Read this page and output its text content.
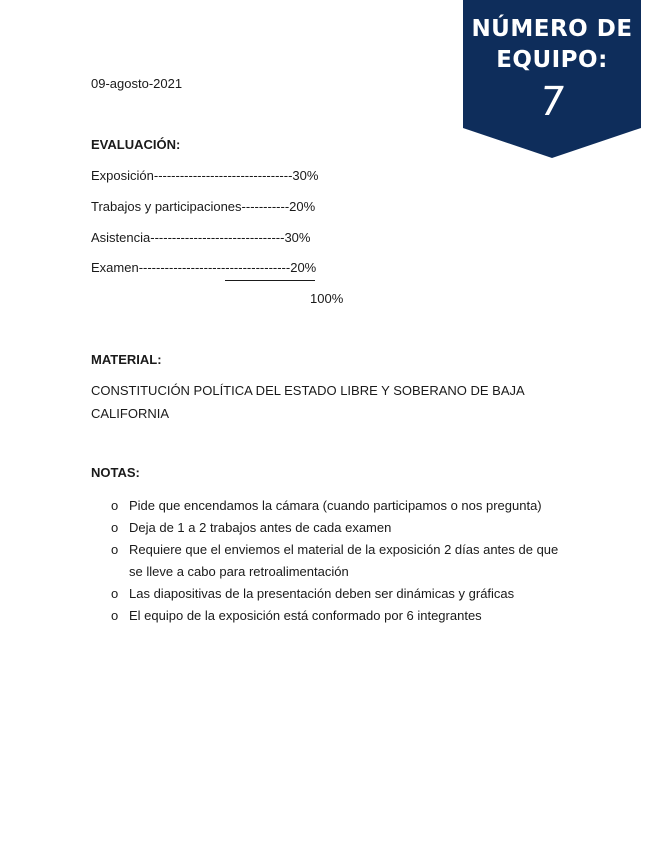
NÚMERO DE
EQUIPO:
7
09-agosto-2021
EVALUACIÓN:
Exposición--------------------------------30%
Trabajos y participaciones-----------20%
Asistencia-------------------------------30%
Examen-----------------------------------20%
100%
MATERIAL:
CONSTITUCIÓN POLÍTICA DEL ESTADO LIBRE Y SOBERANO DE BAJA
CALIFORNIA
NOTAS:
o Pide que encendamos la cámara (cuando participamos o nos pregunta)
o Deja de 1 a 2 trabajos antes de cada examen
o Requiere que el enviemos el material de la exposición 2 días antes de que se lleve a cabo para retroalimentación
o Las diapositivas de la presentación deben ser dinámicas y gráficas
o El equipo de la exposición está conformado por 6 integrantes
